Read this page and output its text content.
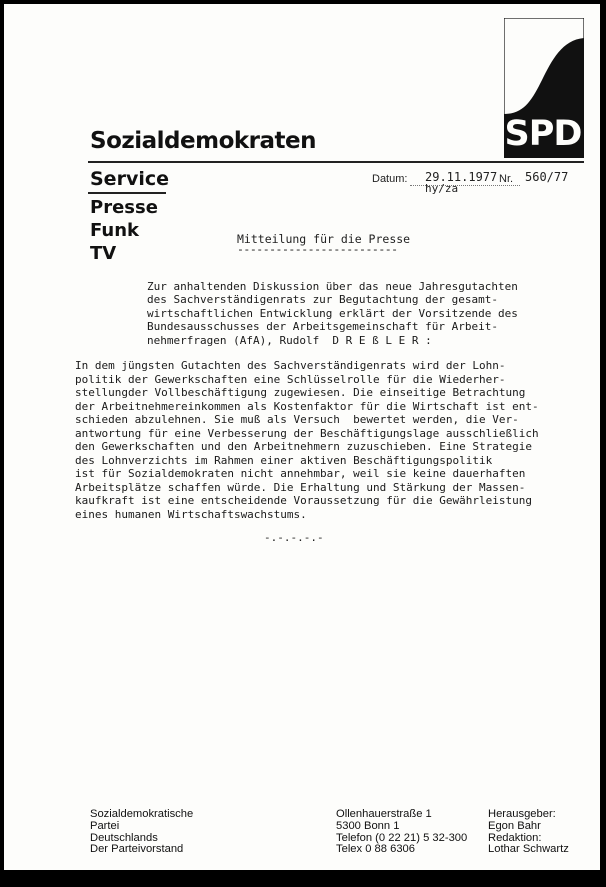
SPD
Sozialdemokraten
Service
Presse
Funk
TV
Datum: 29.11.1977 Nr. 560/77
hy/za
Mitteilung für die Presse
-------------------------
Zur anhaltenden Diskussion über das neue Jahresgutachten
des Sachverständigenrats zur Begutachtung der gesamt-
wirtschaftlichen Entwicklung erklärt der Vorsitzende des
Bundesausschusses der Arbeitsgemeinschaft für Arbeit-
nehmerfragen (AfA), Rudolf  D R E ß L E R :
In dem jüngsten Gutachten des Sachverständigenrats wird der Lohn-
politik der Gewerkschaften eine Schlüsselrolle für die Wiederher-
stellungder Vollbeschäftigung zugewiesen. Die einseitige Betrachtung
der Arbeitnehmereinkommen als Kostenfaktor für die Wirtschaft ist ent-
schieden abzulehnen. Sie muß als Versuch  bewertet werden, die Ver-
antwortung für eine Verbesserung der Beschäftigungslage ausschließlich
den Gewerkschaften und den Arbeitnehmern zuzuschieben. Eine Strategie
des Lohnverzichts im Rahmen einer aktiven Beschäftigungspolitik
ist für Sozialdemokraten nicht annehmbar, weil sie keine dauerhaften
Arbeitsplätze schaffen würde. Die Erhaltung und Stärkung der Massen-
kaufkraft ist eine entscheidende Voraussetzung für die Gewährleistung
eines humanen Wirtschaftswachstums.
-.-.-.-.-
Sozialdemokratische
Partei
Deutschlands
Der Parteivorstand
Ollenhauerstraße 1
5300 Bonn 1
Telefon (0 22 21) 5 32-300
Telex 0 88 6306
Herausgeber:
Egon Bahr
Redaktion:
Lothar Schwartz
